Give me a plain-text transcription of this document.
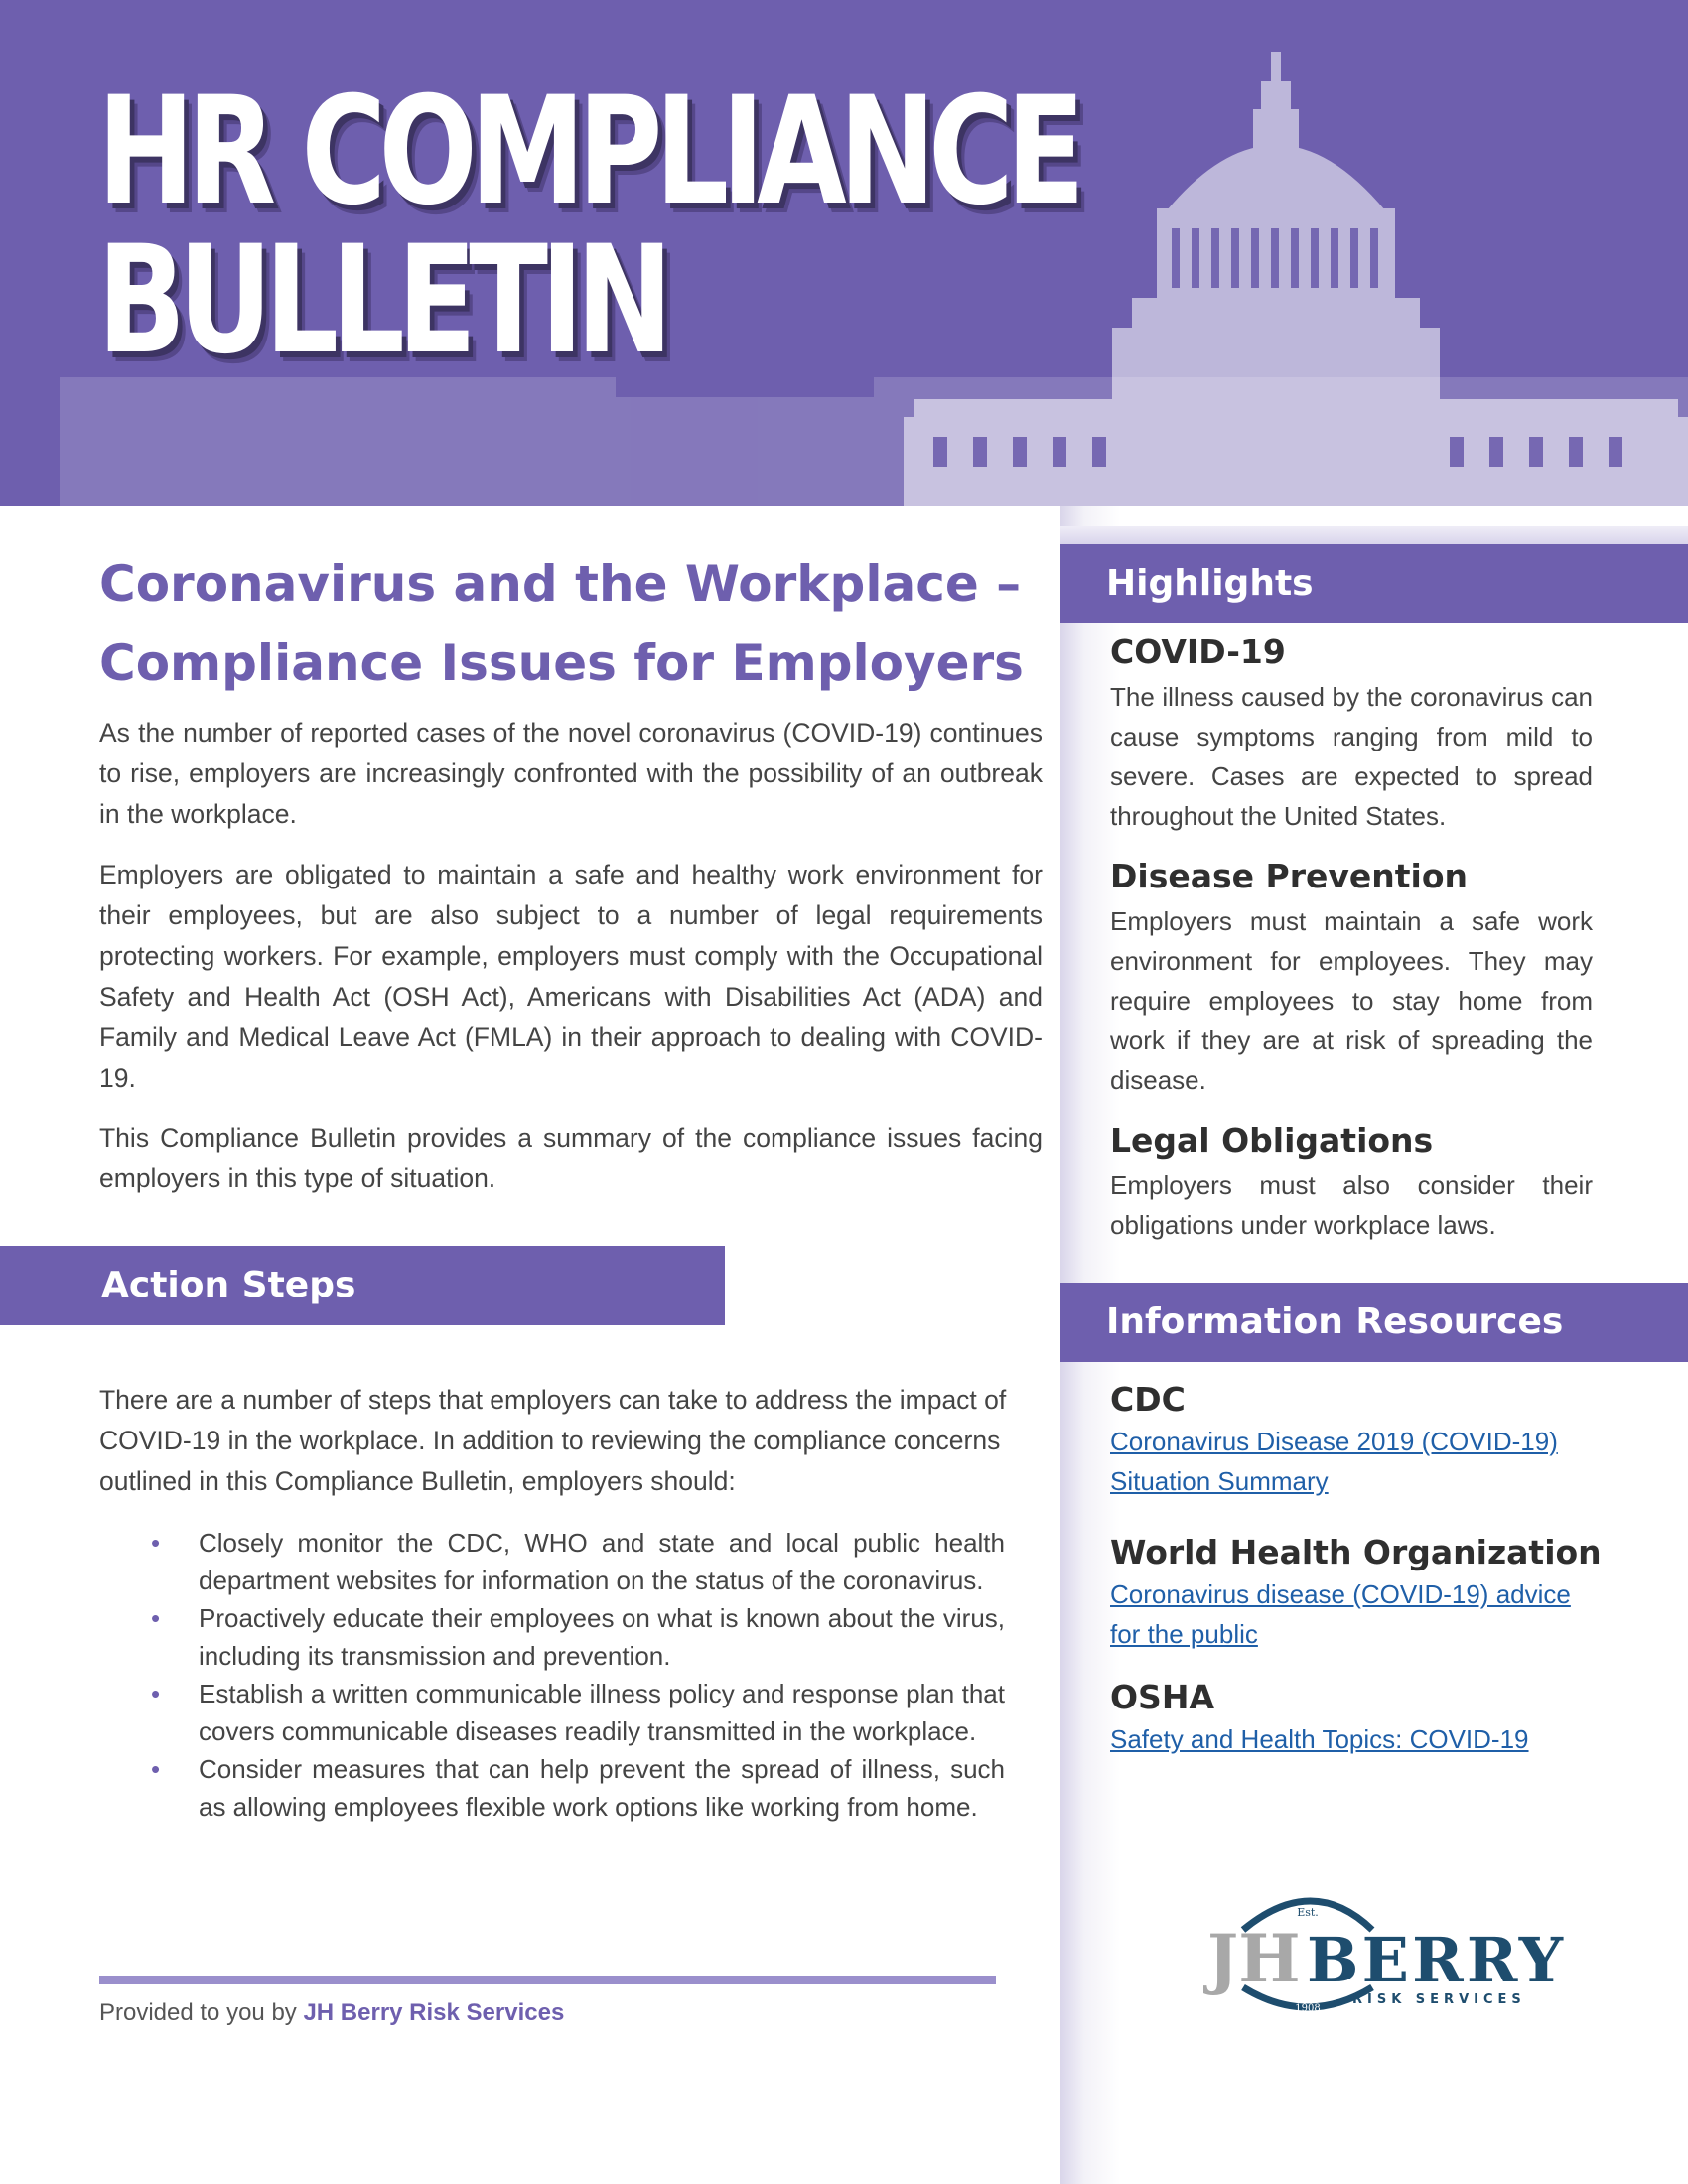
HR COMPLIANCE
BULLETIN
Highlights
COVID-19
The illness caused by the coronavirus can cause symptoms ranging from mild to severe. Cases are expected to spread throughout the United States.
Disease Prevention
Employers must maintain a safe work environment for employees. They may require employees to stay home from work if they are at risk of spreading the disease.
Legal Obligations
Employers must also consider their obligations under workplace laws.
Information Resources
CDC
Coronavirus Disease 2019 (COVID-19)
Situation Summary
World Health Organization
Coronavirus disease (COVID-19) advice
for the public
OSHA
Safety and Health Topics: COVID-19
Est.
1908
JH BERRY
RISK SERVICES
Coronavirus and the Workplace –
Compliance Issues for Employers

As the number of reported cases of the novel coronavirus (COVID-19) continues to rise, employers are increasingly confronted with the possibility of an outbreak in the workplace.

Employers are obligated to maintain a safe and healthy work environment for their employees, but are also subject to a number of legal requirements protecting workers. For example, employers must comply with the Occupational Safety and Health Act (OSH Act), Americans with Disabilities Act (ADA) and Family and Medical Leave Act (FMLA) in their approach to dealing with COVID-19.

This Compliance Bulletin provides a summary of the compliance issues facing employers in this type of situation.

Action Steps

There are a number of steps that employers can take to address the impact of COVID-19 in the workplace. In addition to reviewing the compliance concerns outlined in this Compliance Bulletin, employers should:

• Closely monitor the CDC, WHO and state and local public health department websites for information on the status of the coronavirus.
• Proactively educate their employees on what is known about the virus, including its transmission and prevention.
• Establish a written communicable illness policy and response plan that covers communicable diseases readily transmitted in the workplace.
• Consider measures that can help prevent the spread of illness, such as allowing employees flexible work options like working from home.
Provided to you by JH Berry Risk Services
